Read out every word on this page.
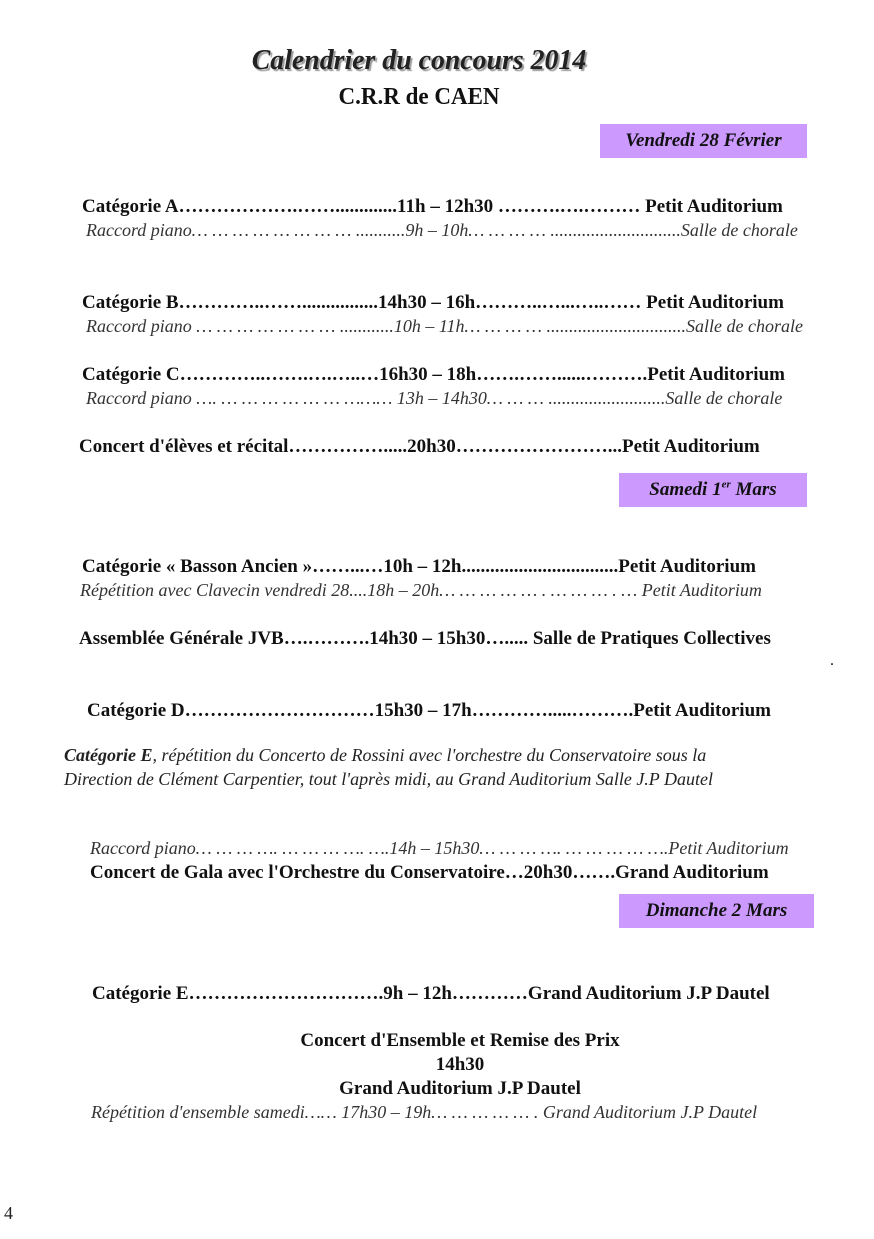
Calendrier du concours 2014
C.R.R de CAEN
Vendredi 28 Février
Catégorie A……………….…….............11h – 12h30 ……….….……… Petit Auditorium
Raccord piano… … … … … … … … ...........9h – 10h… … … … .............................Salle de chorale
Catégorie B…………..……................14h30 – 16h………..…...…..…… Petit Auditorium
Raccord piano … … … … … … … ............10h – 11h… … … … ...............................Salle de chorale
Catégorie C…………..…….….…..…16h30 – 18h…….……......……….Petit Auditorium
Raccord piano …. … … … … … … ……… 13h – 14h30… … … ..........................Salle de chorale
Concert d'élèves et récital…………….....20h30……………………...Petit Auditorium
Samedi 1er Mars
Catégorie « Basson Ancien »……...…10h – 12h.................................Petit Auditorium
Répétition avec Clavecin vendredi 28....18h – 20h… … … … … . … … … . … Petit Auditorium
Assemblée Générale JVB….……….14h30 – 15h30…..... Salle de Pratiques Collectives
.
Catégorie D…………………………15h30 – 17h………….....……….Petit Auditorium
Catégorie E, répétition du Concerto de Rossini avec l'orchestre du Conservatoire sous la
Direction de Clément Carpentier, tout l'après midi, au Grand Auditorium Salle J.P Dautel
Raccord piano… … … …. … … … …. ….14h – 15h30… … … …. … … … … ….Petit Auditorium
Concert de Gala avec l'Orchestre du Conservatoire…20h30…….Grand Auditorium
Dimanche 2 Mars
Catégorie E………………………….9h – 12h…………Grand Auditorium J.P Dautel
Concert d'Ensemble et Remise des Prix
14h30
Grand Auditorium J.P Dautel
Répétition d'ensemble samedi…… 17h30 – 19h… … … … … . Grand Auditorium J.P Dautel
4
